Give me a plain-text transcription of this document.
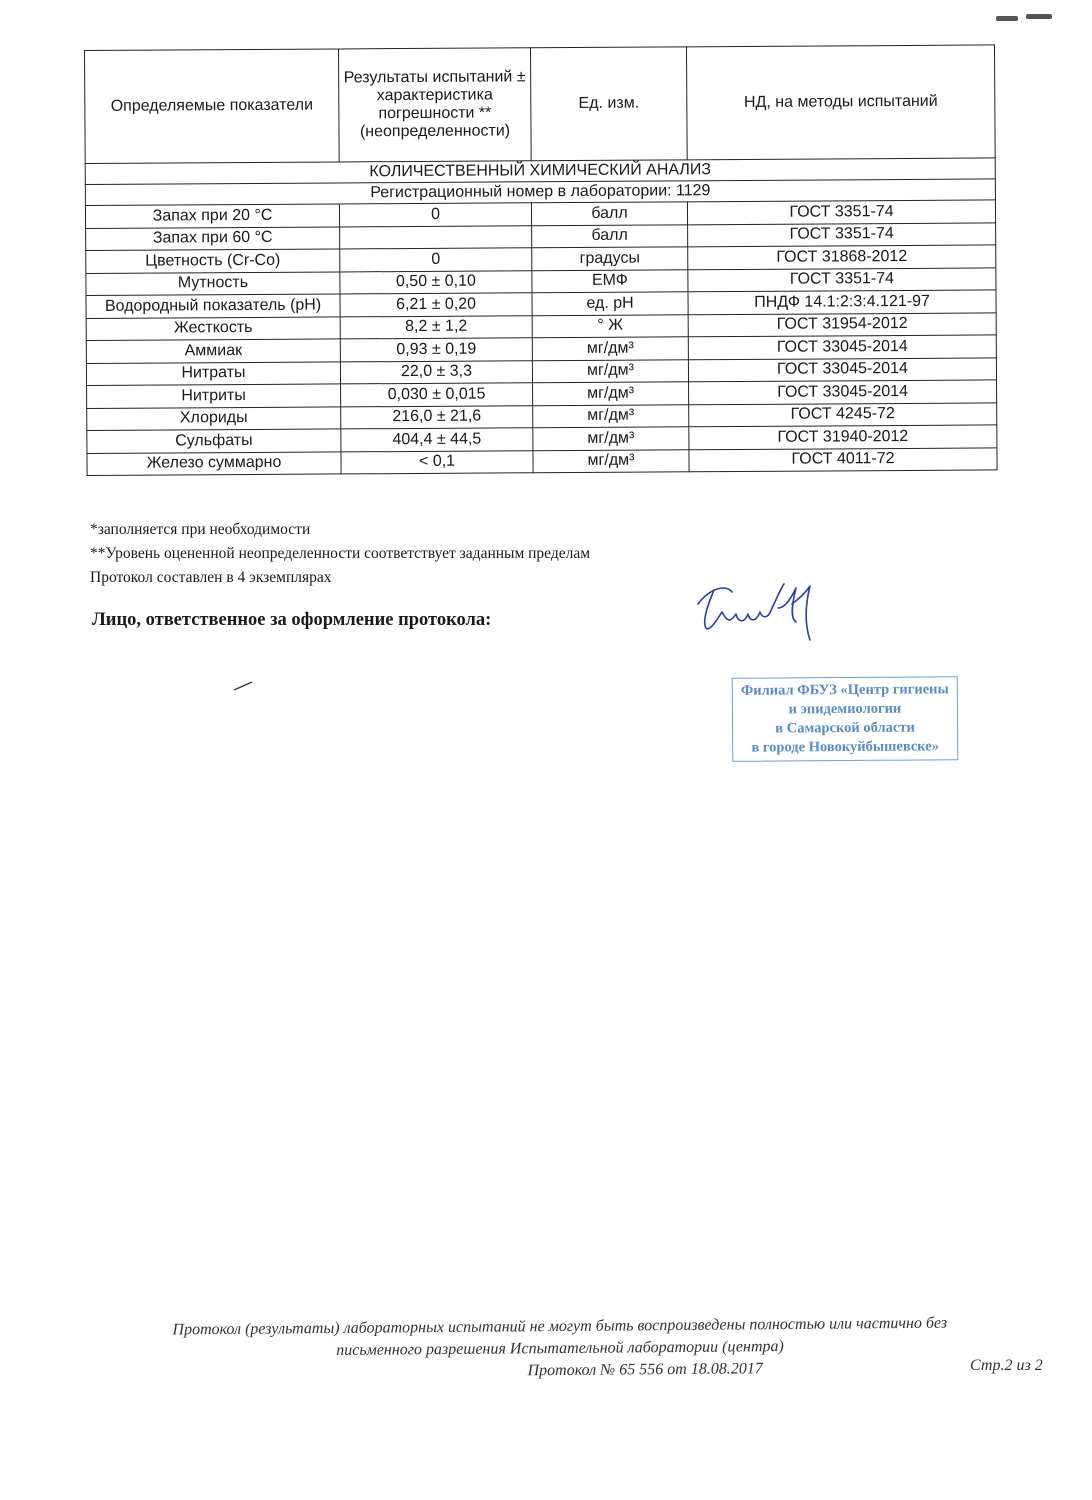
Определяемые показатели	Результаты испытаний ± характеристика погрешности **(неопределенности)	Ед. изм.	НД, на методы испытаний
КОЛИЧЕСТВЕННЫЙ ХИМИЧЕСКИЙ АНАЛИЗ			
Регистрационный номер в лаборатории: 1129			
Запах при 20 °С	0	балл	ГОСТ 3351-74
Запах при 60 °С		балл	ГОСТ 3351-74
Цветность (Cr-Co)	0	градусы	ГОСТ 31868-2012
Мутность	0,50 ± 0,10	ЕМФ	ГОСТ 3351-74
Водородный показатель (pH)	6,21 ± 0,20	ед. pH	ПНДФ 14.1:2:3:4.121-97
Жесткость	8,2 ± 1,2	° Ж	ГОСТ 31954-2012
Аммиак	0,93 ± 0,19	мг/дм³	ГОСТ 33045-2014
Нитраты	22,0 ± 3,3	мг/дм³	ГОСТ 33045-2014
Нитриты	0,030 ± 0,015	мг/дм³	ГОСТ 33045-2014
Хлориды	216,0 ± 21,6	мг/дм³	ГОСТ 4245-72
Сульфаты	404,4 ± 44,5	мг/дм³	ГОСТ 31940-2012
Железо суммарно	< 0,1	мг/дм³	ГОСТ 4011-72
*заполняется при необходимости
**Уровень оцененной неопределенности соответствует заданным пределам
Протокол составлен в 4 экземплярах
Лицо, ответственное за оформление протокола:
Филиал ФБУЗ «Центр гигиены
и эпидемиологии
в Самарской области
в городе Новокуйбышевске»
Протокол (результаты) лабораторных испытаний не могут быть воспроизведены полностью или частично без
письменного разрешения Испытательной лаборатории (центра)
Протокол № 65 556 от 18.08.2017	Стр.2 из 2
